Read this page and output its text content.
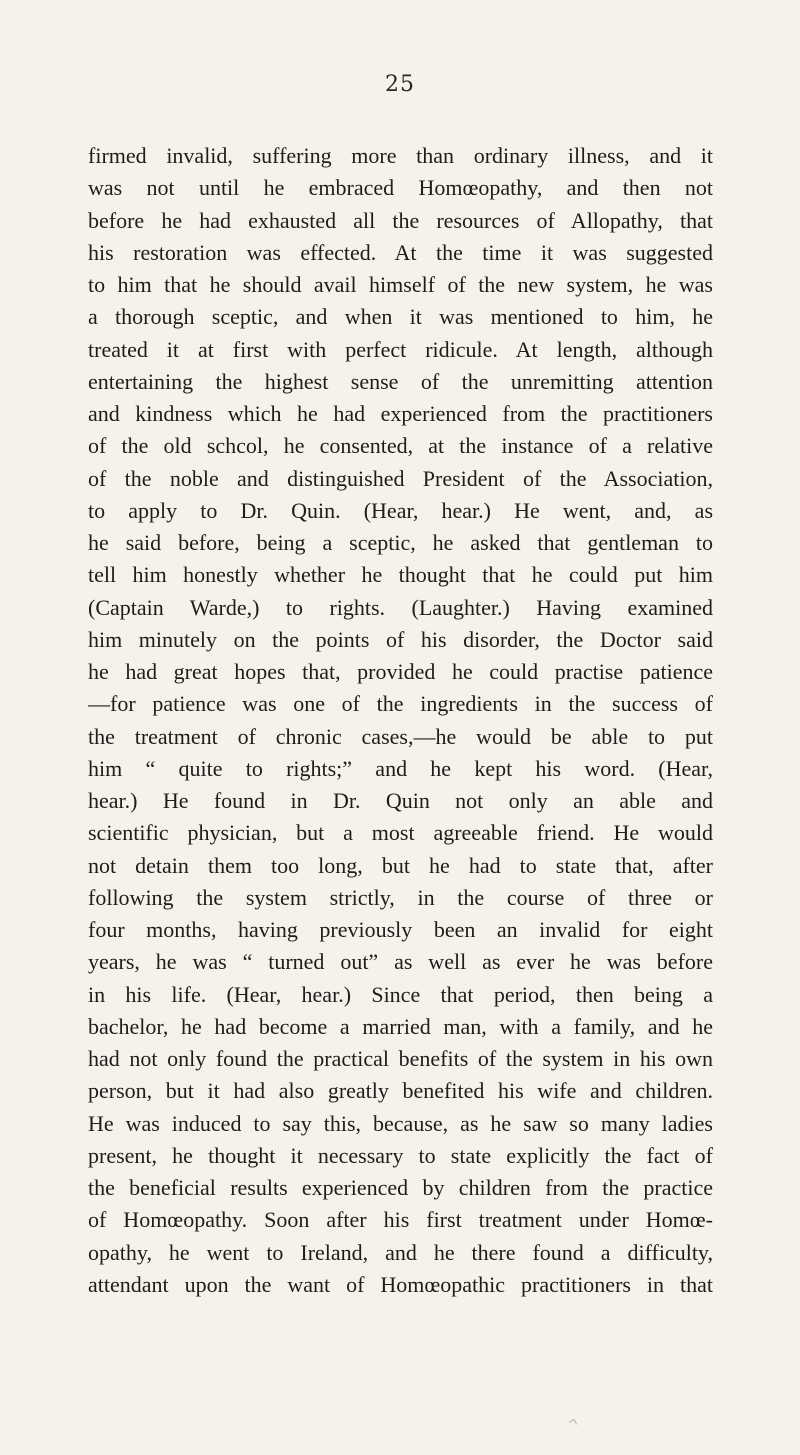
25
firmed invalid, suffering more than ordinary illness, and it
was not until he embraced Homœopathy, and then not
before he had exhausted all the resources of Allopathy, that
his restoration was effected. At the time it was suggested
to him that he should avail himself of the new system, he was
a thorough sceptic, and when it was mentioned to him, he
treated it at first with perfect ridicule. At length, although
entertaining the highest sense of the unremitting attention
and kindness which he had experienced from the practitioners
of the old schcol, he consented, at the instance of a relative
of the noble and distinguished President of the Association,
to apply to Dr. Quin. (Hear, hear.) He went, and, as
he said before, being a sceptic, he asked that gentleman to
tell him honestly whether he thought that he could put him
(Captain Warde,) to rights. (Laughter.) Having examined
him minutely on the points of his disorder, the Doctor said
he had great hopes that, provided he could practise patience
—for patience was one of the ingredients in the success of
the treatment of chronic cases,—he would be able to put
him “ quite to rights;” and he kept his word. (Hear,
hear.) He found in Dr. Quin not only an able and
scientific physician, but a most agreeable friend. He would
not detain them too long, but he had to state that, after
following the system strictly, in the course of three or
four months, having previously been an invalid for eight
years, he was “ turned out” as well as ever he was before
in his life. (Hear, hear.) Since that period, then being a
bachelor, he had become a married man, with a family, and he
had not only found the practical benefits of the system in his own
person, but it had also greatly benefited his wife and children.
He was induced to say this, because, as he saw so many ladies
present, he thought it necessary to state explicitly the fact of
the beneficial results experienced by children from the practice
of Homœopathy. Soon after his first treatment under Homœ-
opathy, he went to Ireland, and he there found a difficulty,
attendant upon the want of Homœopathic practitioners in that
